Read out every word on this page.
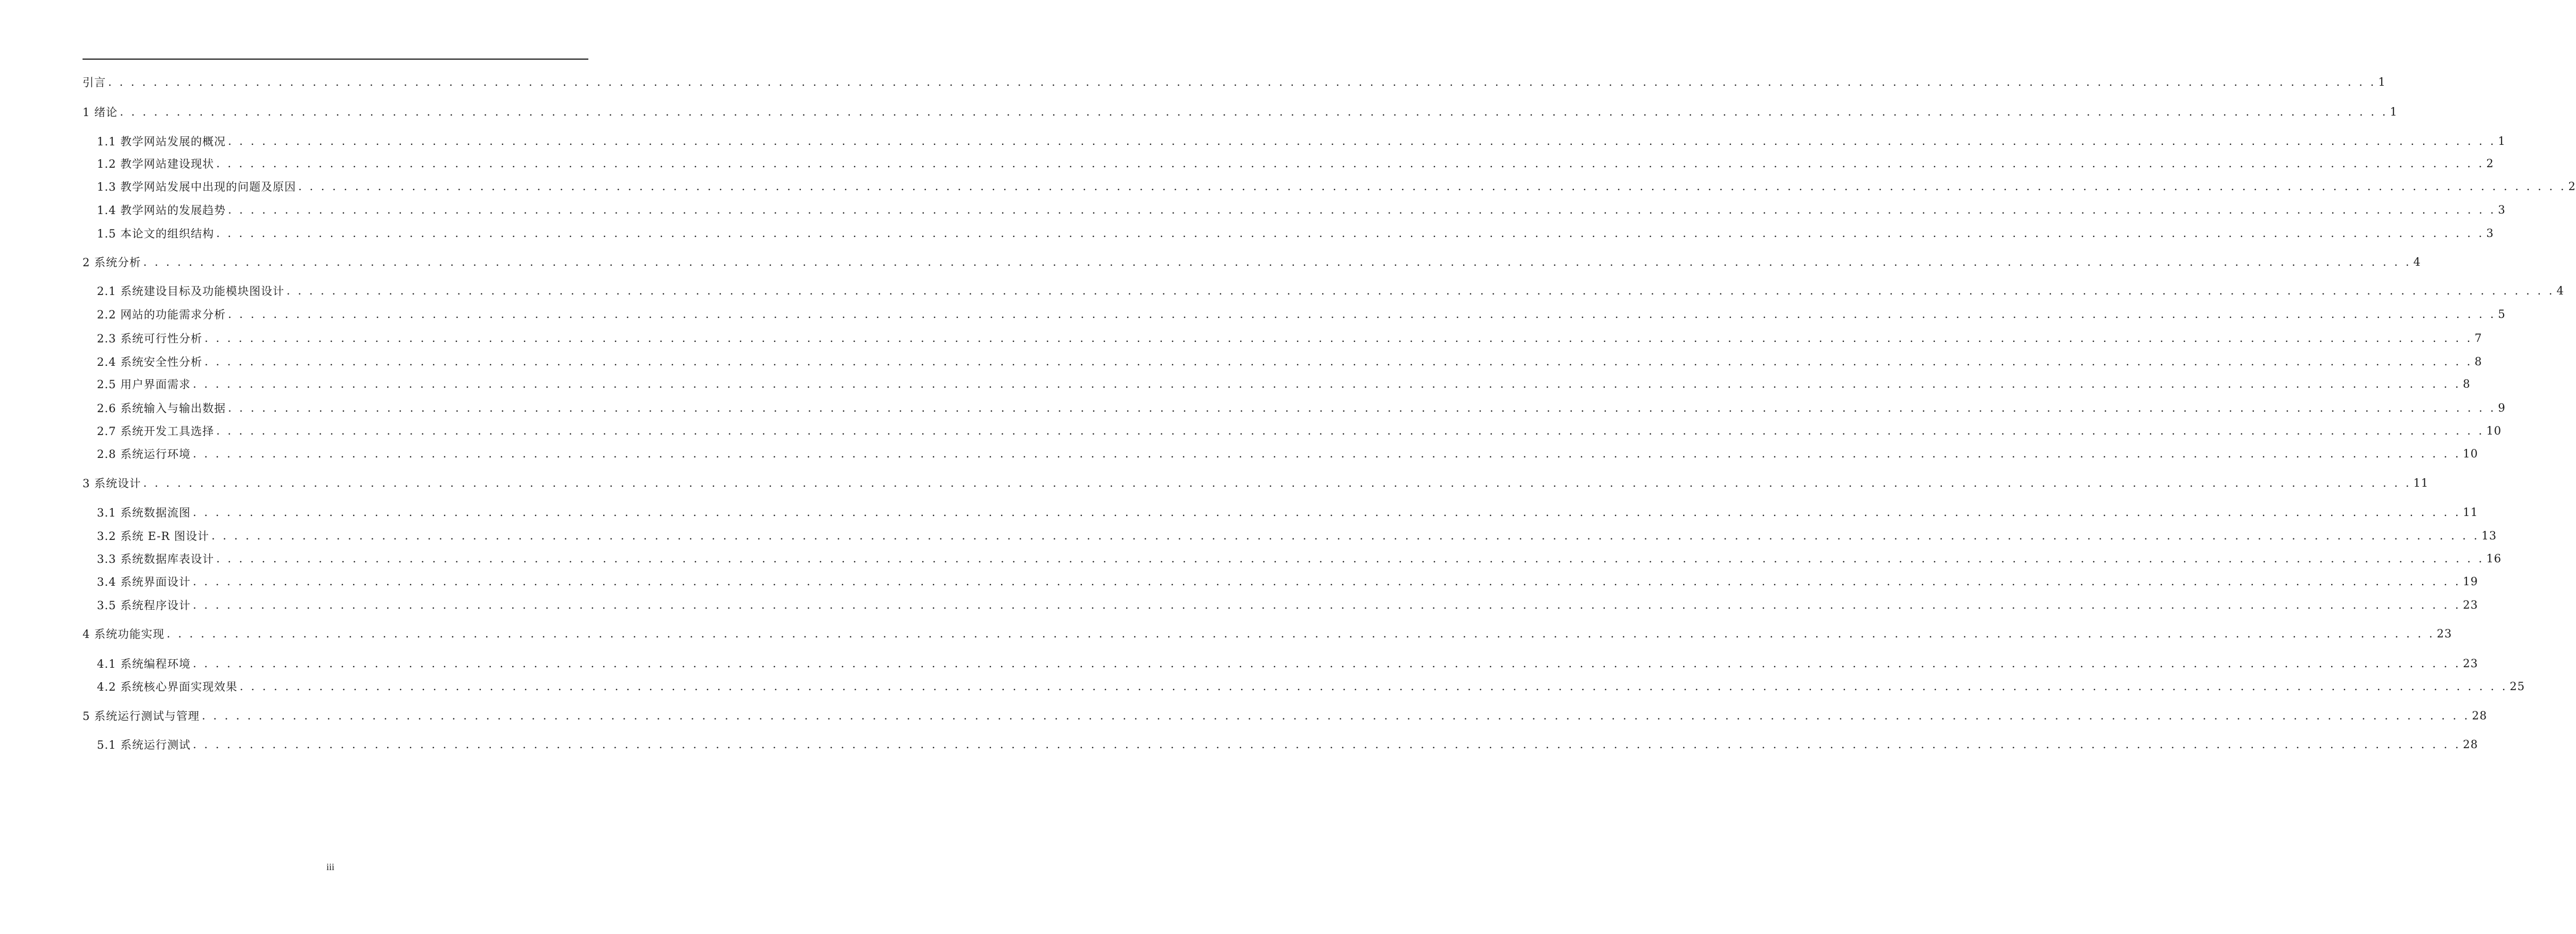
引言 . . . . . . . . . . . . . . . . . . . . . . . . . . . . . . . . . . . . . . . . . . . . . . . . . . . . . . . . . . . . . . . . . . . . . . . . . . . . . . . . . . . . . . . . . . . . . . . . . . . . . . . . . . . . . . . . . . . . . . . . . . . . . . . . . . . . . . . . . . . . . . . . . . . . . . . . . . . . . . . . . . . . . . . . . . . . . . . . . . . . . . . . . . . . . . . . . . . . . . . . 1
1 绪论 . . . . . . . . . . . . . . . . . . . . . . . . . . . . . . . . . . . . . . . . . . . . . . . . . . . . . . . . . . . . . . . . . . . . . . . . . . . . . . . . . . . . . . . . . . . . . . . . . . . . . . . . . . . . . . . . . . . . . . . . . . . . . . . . . . . . . . . . . . . . . . . . . . . . . . . . . . . . . . . . . . . . . . . . . . . . . . . . . . . . . . . . . . . . . . . . . . . . . . . . 1
1.1 教学网站发展的概况 . . . . . . . . . . . . . . . . . . . . . . . . . . . . . . . . . . . . . . . . . . . . . . . . . . . . . . . . . . . . . . . . . . . . . . . . . . . . . . . . . . . . . . . . . . . . . . . . . . . . . . . . . . . . . . . . . . . . . . . . . . . . . . . . . . . . . . . . . . . . . . . . . . . . . . . . . . . . . . . . . . . . . . . . . . . . . . . . . . . . . . . . . . . . . . . . . . . . . . . . 1
1.2 教学网站建设现状 . . . . . . . . . . . . . . . . . . . . . . . . . . . . . . . . . . . . . . . . . . . . . . . . . . . . . . . . . . . . . . . . . . . . . . . . . . . . . . . . . . . . . . . . . . . . . . . . . . . . . . . . . . . . . . . . . . . . . . . . . . . . . . . . . . . . . . . . . . . . . . . . . . . . . . . . . . . . . . . . . . . . . . . . . . . . . . . . . . . . . . . . . . . . . . . . . . . . . . . . 2
1.3 教学网站发展中出现的问题及原因 . . . . . . . . . . . . . . . . . . . . . . . . . . . . . . . . . . . . . . . . . . . . . . . . . . . . . . . . . . . . . . . . . . . . . . . . . . . . . . . . . . . . . . . . . . . . . . . . . . . . . . . . . . . . . . . . . . . . . . . . . . . . . . . . . . . . . . . . . . . . . . . . . . . . . . . . . . . . . . . . . . . . . . . . . . . . . . . . . . . . . . . . . . . . . . . . . . . . . . . . 2
1.4 教学网站的发展趋势 . . . . . . . . . . . . . . . . . . . . . . . . . . . . . . . . . . . . . . . . . . . . . . . . . . . . . . . . . . . . . . . . . . . . . . . . . . . . . . . . . . . . . . . . . . . . . . . . . . . . . . . . . . . . . . . . . . . . . . . . . . . . . . . . . . . . . . . . . . . . . . . . . . . . . . . . . . . . . . . . . . . . . . . . . . . . . . . . . . . . . . . . . . . . . . . . . . . . . . . . 3
1.5 本论文的组织结构 . . . . . . . . . . . . . . . . . . . . . . . . . . . . . . . . . . . . . . . . . . . . . . . . . . . . . . . . . . . . . . . . . . . . . . . . . . . . . . . . . . . . . . . . . . . . . . . . . . . . . . . . . . . . . . . . . . . . . . . . . . . . . . . . . . . . . . . . . . . . . . . . . . . . . . . . . . . . . . . . . . . . . . . . . . . . . . . . . . . . . . . . . . . . . . . . . . . . . . . . 3
2 系统分析 . . . . . . . . . . . . . . . . . . . . . . . . . . . . . . . . . . . . . . . . . . . . . . . . . . . . . . . . . . . . . . . . . . . . . . . . . . . . . . . . . . . . . . . . . . . . . . . . . . . . . . . . . . . . . . . . . . . . . . . . . . . . . . . . . . . . . . . . . . . . . . . . . . . . . . . . . . . . . . . . . . . . . . . . . . . . . . . . . . . . . . . . . . . . . . . . . . . . . . . . 4
2.1 系统建设目标及功能模块图设计 . . . . . . . . . . . . . . . . . . . . . . . . . . . . . . . . . . . . . . . . . . . . . . . . . . . . . . . . . . . . . . . . . . . . . . . . . . . . . . . . . . . . . . . . . . . . . . . . . . . . . . . . . . . . . . . . . . . . . . . . . . . . . . . . . . . . . . . . . . . . . . . . . . . . . . . . . . . . . . . . . . . . . . . . . . . . . . . . . . . . . . . . . . . . . . . . . . . . . . . . 4
2.2 网站的功能需求分析 . . . . . . . . . . . . . . . . . . . . . . . . . . . . . . . . . . . . . . . . . . . . . . . . . . . . . . . . . . . . . . . . . . . . . . . . . . . . . . . . . . . . . . . . . . . . . . . . . . . . . . . . . . . . . . . . . . . . . . . . . . . . . . . . . . . . . . . . . . . . . . . . . . . . . . . . . . . . . . . . . . . . . . . . . . . . . . . . . . . . . . . . . . . . . . . . . . . . . . . . 5
2.3 系统可行性分析 . . . . . . . . . . . . . . . . . . . . . . . . . . . . . . . . . . . . . . . . . . . . . . . . . . . . . . . . . . . . . . . . . . . . . . . . . . . . . . . . . . . . . . . . . . . . . . . . . . . . . . . . . . . . . . . . . . . . . . . . . . . . . . . . . . . . . . . . . . . . . . . . . . . . . . . . . . . . . . . . . . . . . . . . . . . . . . . . . . . . . . . . . . . . . . . . . . . . . . . . 7
2.4 系统安全性分析 . . . . . . . . . . . . . . . . . . . . . . . . . . . . . . . . . . . . . . . . . . . . . . . . . . . . . . . . . . . . . . . . . . . . . . . . . . . . . . . . . . . . . . . . . . . . . . . . . . . . . . . . . . . . . . . . . . . . . . . . . . . . . . . . . . . . . . . . . . . . . . . . . . . . . . . . . . . . . . . . . . . . . . . . . . . . . . . . . . . . . . . . . . . . . . . . . . . . . . . . 8
2.5 用户界面需求 . . . . . . . . . . . . . . . . . . . . . . . . . . . . . . . . . . . . . . . . . . . . . . . . . . . . . . . . . . . . . . . . . . . . . . . . . . . . . . . . . . . . . . . . . . . . . . . . . . . . . . . . . . . . . . . . . . . . . . . . . . . . . . . . . . . . . . . . . . . . . . . . . . . . . . . . . . . . . . . . . . . . . . . . . . . . . . . . . . . . . . . . . . . . . . . . . . . . . . . . 8
2.6 系统输入与输出数据 . . . . . . . . . . . . . . . . . . . . . . . . . . . . . . . . . . . . . . . . . . . . . . . . . . . . . . . . . . . . . . . . . . . . . . . . . . . . . . . . . . . . . . . . . . . . . . . . . . . . . . . . . . . . . . . . . . . . . . . . . . . . . . . . . . . . . . . . . . . . . . . . . . . . . . . . . . . . . . . . . . . . . . . . . . . . . . . . . . . . . . . . . . . . . . . . . . . . . . . . 9
2.7 系统开发工具选择 . . . . . . . . . . . . . . . . . . . . . . . . . . . . . . . . . . . . . . . . . . . . . . . . . . . . . . . . . . . . . . . . . . . . . . . . . . . . . . . . . . . . . . . . . . . . . . . . . . . . . . . . . . . . . . . . . . . . . . . . . . . . . . . . . . . . . . . . . . . . . . . . . . . . . . . . . . . . . . . . . . . . . . . . . . . . . . . . . . . . . . . . . . . . . . . . . . . . . . . . 10
2.8 系统运行环境 . . . . . . . . . . . . . . . . . . . . . . . . . . . . . . . . . . . . . . . . . . . . . . . . . . . . . . . . . . . . . . . . . . . . . . . . . . . . . . . . . . . . . . . . . . . . . . . . . . . . . . . . . . . . . . . . . . . . . . . . . . . . . . . . . . . . . . . . . . . . . . . . . . . . . . . . . . . . . . . . . . . . . . . . . . . . . . . . . . . . . . . . . . . . . . . . . . . . . . . . 10
3 系统设计 . . . . . . . . . . . . . . . . . . . . . . . . . . . . . . . . . . . . . . . . . . . . . . . . . . . . . . . . . . . . . . . . . . . . . . . . . . . . . . . . . . . . . . . . . . . . . . . . . . . . . . . . . . . . . . . . . . . . . . . . . . . . . . . . . . . . . . . . . . . . . . . . . . . . . . . . . . . . . . . . . . . . . . . . . . . . . . . . . . . . . . . . . . . . . . . . . . . . . . . . 11
3.1 系统数据流图 . . . . . . . . . . . . . . . . . . . . . . . . . . . . . . . . . . . . . . . . . . . . . . . . . . . . . . . . . . . . . . . . . . . . . . . . . . . . . . . . . . . . . . . . . . . . . . . . . . . . . . . . . . . . . . . . . . . . . . . . . . . . . . . . . . . . . . . . . . . . . . . . . . . . . . . . . . . . . . . . . . . . . . . . . . . . . . . . . . . . . . . . . . . . . . . . . . . . . . . . 11
3.2 系统 E-R 图设计 . . . . . . . . . . . . . . . . . . . . . . . . . . . . . . . . . . . . . . . . . . . . . . . . . . . . . . . . . . . . . . . . . . . . . . . . . . . . . . . . . . . . . . . . . . . . . . . . . . . . . . . . . . . . . . . . . . . . . . . . . . . . . . . . . . . . . . . . . . . . . . . . . . . . . . . . . . . . . . . . . . . . . . . . . . . . . . . . . . . . . . . . . . . . . . . . . . . . . . . . 13
3.3 系统数据库表设计 . . . . . . . . . . . . . . . . . . . . . . . . . . . . . . . . . . . . . . . . . . . . . . . . . . . . . . . . . . . . . . . . . . . . . . . . . . . . . . . . . . . . . . . . . . . . . . . . . . . . . . . . . . . . . . . . . . . . . . . . . . . . . . . . . . . . . . . . . . . . . . . . . . . . . . . . . . . . . . . . . . . . . . . . . . . . . . . . . . . . . . . . . . . . . . . . . . . . . . . . 16
3.4 系统界面设计 . . . . . . . . . . . . . . . . . . . . . . . . . . . . . . . . . . . . . . . . . . . . . . . . . . . . . . . . . . . . . . . . . . . . . . . . . . . . . . . . . . . . . . . . . . . . . . . . . . . . . . . . . . . . . . . . . . . . . . . . . . . . . . . . . . . . . . . . . . . . . . . . . . . . . . . . . . . . . . . . . . . . . . . . . . . . . . . . . . . . . . . . . . . . . . . . . . . . . . . . 19
3.5 系统程序设计 . . . . . . . . . . . . . . . . . . . . . . . . . . . . . . . . . . . . . . . . . . . . . . . . . . . . . . . . . . . . . . . . . . . . . . . . . . . . . . . . . . . . . . . . . . . . . . . . . . . . . . . . . . . . . . . . . . . . . . . . . . . . . . . . . . . . . . . . . . . . . . . . . . . . . . . . . . . . . . . . . . . . . . . . . . . . . . . . . . . . . . . . . . . . . . . . . . . . . . . . 23
4 系统功能实现 . . . . . . . . . . . . . . . . . . . . . . . . . . . . . . . . . . . . . . . . . . . . . . . . . . . . . . . . . . . . . . . . . . . . . . . . . . . . . . . . . . . . . . . . . . . . . . . . . . . . . . . . . . . . . . . . . . . . . . . . . . . . . . . . . . . . . . . . . . . . . . . . . . . . . . . . . . . . . . . . . . . . . . . . . . . . . . . . . . . . . . . . . . . . . . . . . . . . . . . . 23
4.1 系统编程环境 . . . . . . . . . . . . . . . . . . . . . . . . . . . . . . . . . . . . . . . . . . . . . . . . . . . . . . . . . . . . . . . . . . . . . . . . . . . . . . . . . . . . . . . . . . . . . . . . . . . . . . . . . . . . . . . . . . . . . . . . . . . . . . . . . . . . . . . . . . . . . . . . . . . . . . . . . . . . . . . . . . . . . . . . . . . . . . . . . . . . . . . . . . . . . . . . . . . . . . . . 23
4.2 系统核心界面实现效果 . . . . . . . . . . . . . . . . . . . . . . . . . . . . . . . . . . . . . . . . . . . . . . . . . . . . . . . . . . . . . . . . . . . . . . . . . . . . . . . . . . . . . . . . . . . . . . . . . . . . . . . . . . . . . . . . . . . . . . . . . . . . . . . . . . . . . . . . . . . . . . . . . . . . . . . . . . . . . . . . . . . . . . . . . . . . . . . . . . . . . . . . . . . . . . . . . . . . . . . . 25
5 系统运行测试与管理 . . . . . . . . . . . . . . . . . . . . . . . . . . . . . . . . . . . . . . . . . . . . . . . . . . . . . . . . . . . . . . . . . . . . . . . . . . . . . . . . . . . . . . . . . . . . . . . . . . . . . . . . . . . . . . . . . . . . . . . . . . . . . . . . . . . . . . . . . . . . . . . . . . . . . . . . . . . . . . . . . . . . . . . . . . . . . . . . . . . . . . . . . . . . . . . . . . . . . . . . 28
5.1 系统运行测试 . . . . . . . . . . . . . . . . . . . . . . . . . . . . . . . . . . . . . . . . . . . . . . . . . . . . . . . . . . . . . . . . . . . . . . . . . . . . . . . . . . . . . . . . . . . . . . . . . . . . . . . . . . . . . . . . . . . . . . . . . . . . . . . . . . . . . . . . . . . . . . . . . . . . . . . . . . . . . . . . . . . . . . . . . . . . . . . . . . . . . . . . . . . . . . . . . . . . . . . . 28
iii
